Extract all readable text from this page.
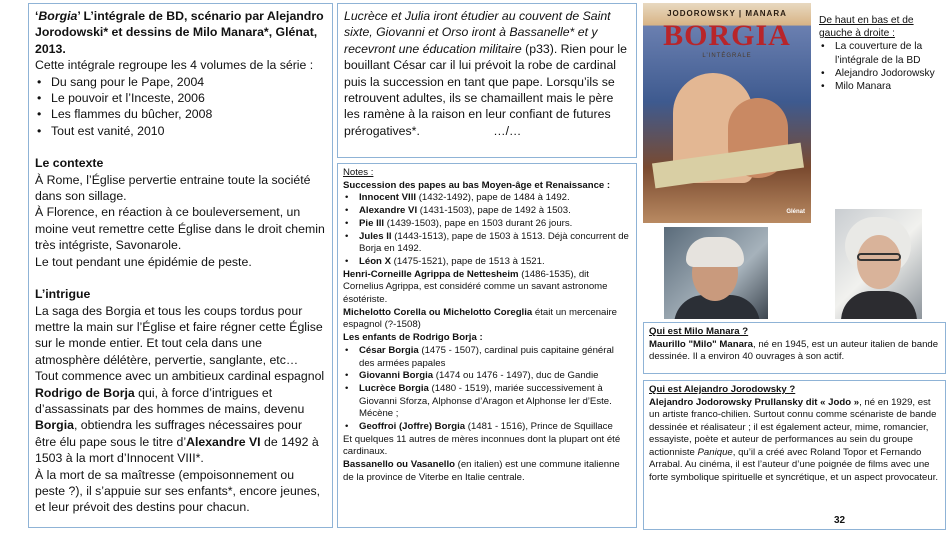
‘Borgia’ L’intégrale de BD, scénario par Alejandro Jorodowski* et dessins de Milo Manara*, Glénat, 2013.

Cette intégrale regroupe les 4 volumes de la série :

• Du sang pour le Pape, 2004
• Le pouvoir et l’Inceste, 2006
• Les flammes du bûcher, 2008
• Tout est vanité, 2010

Le contexte

À Rome, l’Église pervertie entraine toute la société dans son sillage.

À Florence, en réaction à ce bouleversement, un moine veut remettre cette Église dans le droit chemin très intégriste, Savonarole.

Le tout pendant une épidémie de peste.

L’intrigue

La saga des Borgia et tous les coups tordus pour mettre la main sur l’Église et faire régner cette Église sur le monde entier. Et tout cela dans une atmosphère délétère, pervertie, sanglante, etc…

Tout commence avec un ambitieux cardinal espagnol Rodrigo de Borja qui, à force d’intrigues et d’assassinats par des hommes de mains, devenu Borgia, obtiendra les suffrages nécessaires pour être élu pape sous le titre d’Alexandre VI de 1492 à 1503 à la mort d’Innocent VIII*.

À la mort de sa maîtresse (empoisonnement ou peste ?), il s’appuie sur ses enfants*, encore jeunes, et leur prévoit des destins pour chacun.

Lucrèce et Julia iront étudier au couvent de Saint sixte, Giovanni et Orso iront à Bassanelle* et y recevront une éducation militaire (p33). Rien pour le bouillant César car il lui prévoit la robe de cardinal puis la succession en tant que pape. Lorsqu’ils se retrouvent adultes, ils se chamaillent mais le père les ramène à la raison en leur confiant de futures prérogatives*.	…/…

Notes :

Succession des papes au bas Moyen-âge et Renaissance :

• Innocent VIII (1432-1492), pape de 1484 à 1492.
• Alexandre VI (1431-1503), pape de 1492 à 1503.
• Pie III (1439-1503), pape en 1503 durant 26 jours.
• Jules II (1443-1513), pape de 1503 à 1513. Déjà concurrent de Borja en 1492.
• Léon X (1475-1521), pape de 1513 à 1521.

Henri-Corneille Agrippa de Nettesheim (1486-1535), dit Cornelius Agrippa, est considéré comme un savant astronome ésotériste.

Michelotto Corella ou Michelotto Coreglia était un mercenaire espagnol (?-1508)

Les enfants de Rodrigo Borja :

• César Borgia (1475 - 1507), cardinal puis capitaine général des armées papales
• Giovanni Borgia (1474 ou 1476 - 1497), duc de Gandie
• Lucrèce Borgia (1480 - 1519), mariée successivement à Giovanni Sforza, Alphonse d’Aragon et Alphonse Ier d’Este. Mécène ;
• Geoffroi (Joffre) Borgia (1481 - 1516), Prince de Squillace

Et quelques 11 autres de mères inconnues dont la plupart ont été cardinaux.

Bassanello ou Vasanello (en italien) est une commune italienne de la province de Viterbe en Italie centrale.

JODOROWSKY | MANARA
BORGIA
L’INTÉGRALE
Glénat

De haut en bas et de gauche à droite :

• La couverture de la l’intégrale de la BD
• Alejandro Jodorowsky
• Milo Manara

Qui est Milo Manara ?

Maurillo "Milo" Manara, né en 1945, est un auteur italien de bande dessinée. Il a environ 40 ouvrages à son actif.

Qui est Alejandro Jorodowsky ?

Alejandro Jodorowsky Prullansky dit « Jodo », né en 1929, est un artiste franco-chilien. Surtout connu comme scénariste de bande dessinée et réalisateur ; il est également acteur, mime, romancier, essayiste, poète et auteur de performances au sein du groupe actionniste Panique, qu’il a créé avec Roland Topor et Fernando Arrabal. Au cinéma, il est l’auteur d’une poignée de films avec une forte symbolique spirituelle et syncrétique, et un aspect provocateur.

32
